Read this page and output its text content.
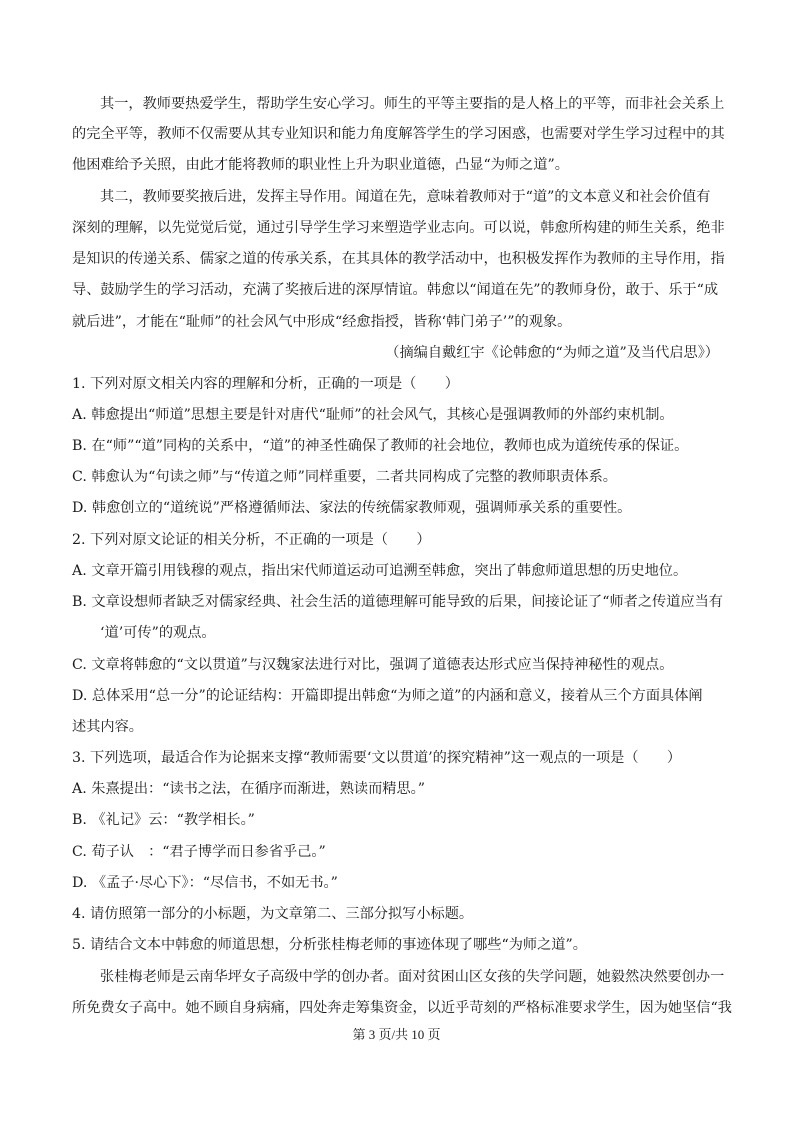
其一，教师要热爱学生，帮助学生安心学习。师生的平等主要指的是人格上的平等，而非社会关系上
的完全平等，教师不仅需要从其专业知识和能力角度解答学生的学习困惑，也需要对学生学习过程中的其
他困难给予关照，由此才能将教师的职业性上升为职业道德，凸显“为师之道”。
其二，教师要奖掖后进，发挥主导作用。闻道在先，意味着教师对于“道”的文本意义和社会价值有
深刻的理解，以先觉觉后觉，通过引导学生学习来塑造学业志向。可以说，韩愈所构建的师生关系，绝非
是知识的传递关系、儒家之道的传承关系，在其具体的教学活动中，也积极发挥作为教师的主导作用，指
导、鼓励学生的学习活动，充满了奖掖后进的深厚情谊。韩愈以“闻道在先”的教师身份，敢于、乐于“成
就后进”，才能在“耻师”的社会风气中形成“经愈指授，皆称‘韩门弟子’”的观象。
（摘编自戴红宇《论韩愈的“为师之道”及当代启思》）
1. 下列对原文相关内容的理解和分析，正确的一项是（　　）
A. 韩愈提出“师道”思想主要是针对唐代“耻师”的社会风气，其核心是强调教师的外部约束机制。
B. 在“师”“道”同构的关系中，“道”的神圣性确保了教师的社会地位，教师也成为道统传承的保证。
C. 韩愈认为“句读之师”与“传道之师”同样重要，二者共同构成了完整的教师职责体系。
D. 韩愈创立的“道统说”严格遵循师法、家法的传统儒家教师观，强调师承关系的重要性。
2. 下列对原文论证的相关分析，不正确的一项是（　　）
A. 文章开篇引用钱穆的观点，指出宋代师道运动可追溯至韩愈，突出了韩愈师道思想的历史地位。
B. 文章设想师者缺乏对儒家经典、社会生活的道德理解可能导致的后果，间接论证了“师者之传道应当有
‘道’可传”的观点。
C. 文章将韩愈的“文以贯道”与汉魏家法进行对比，强调了道德表达形式应当保持神秘性的观点。
D. 总体采用“总一分”的论证结构：开篇即提出韩愈“为师之道”的内涵和意义，接着从三个方面具体阐
述其内容。
3. 下列选项，最适合作为论据来支撑“教师需要‘文以贯道’的探究精神”这一观点的一项是（　　）
A. 朱熹提出：“读书之法，在循序而渐进，熟读而精思。”
B. 《礼记》云：“教学相长。”
C. 荀子认　：“君子博学而日参省乎己。”
D. 《孟子·尽心下》：“尽信书，不如无书。”
4. 请仿照第一部分的小标题，为文章第二、三部分拟写小标题。
5. 请结合文本中韩愈的师道思想，分析张桂梅老师的事迹体现了哪些“为师之道”。
张桂梅老师是云南华坪女子高级中学的创办者。面对贫困山区女孩的失学问题，她毅然决然要创办一
所免费女子高中。她不顾自身病痛，四处奔走筹集资金，以近乎苛刻的严格标准要求学生，因为她坚信“我
第 3 页/共 10 页
